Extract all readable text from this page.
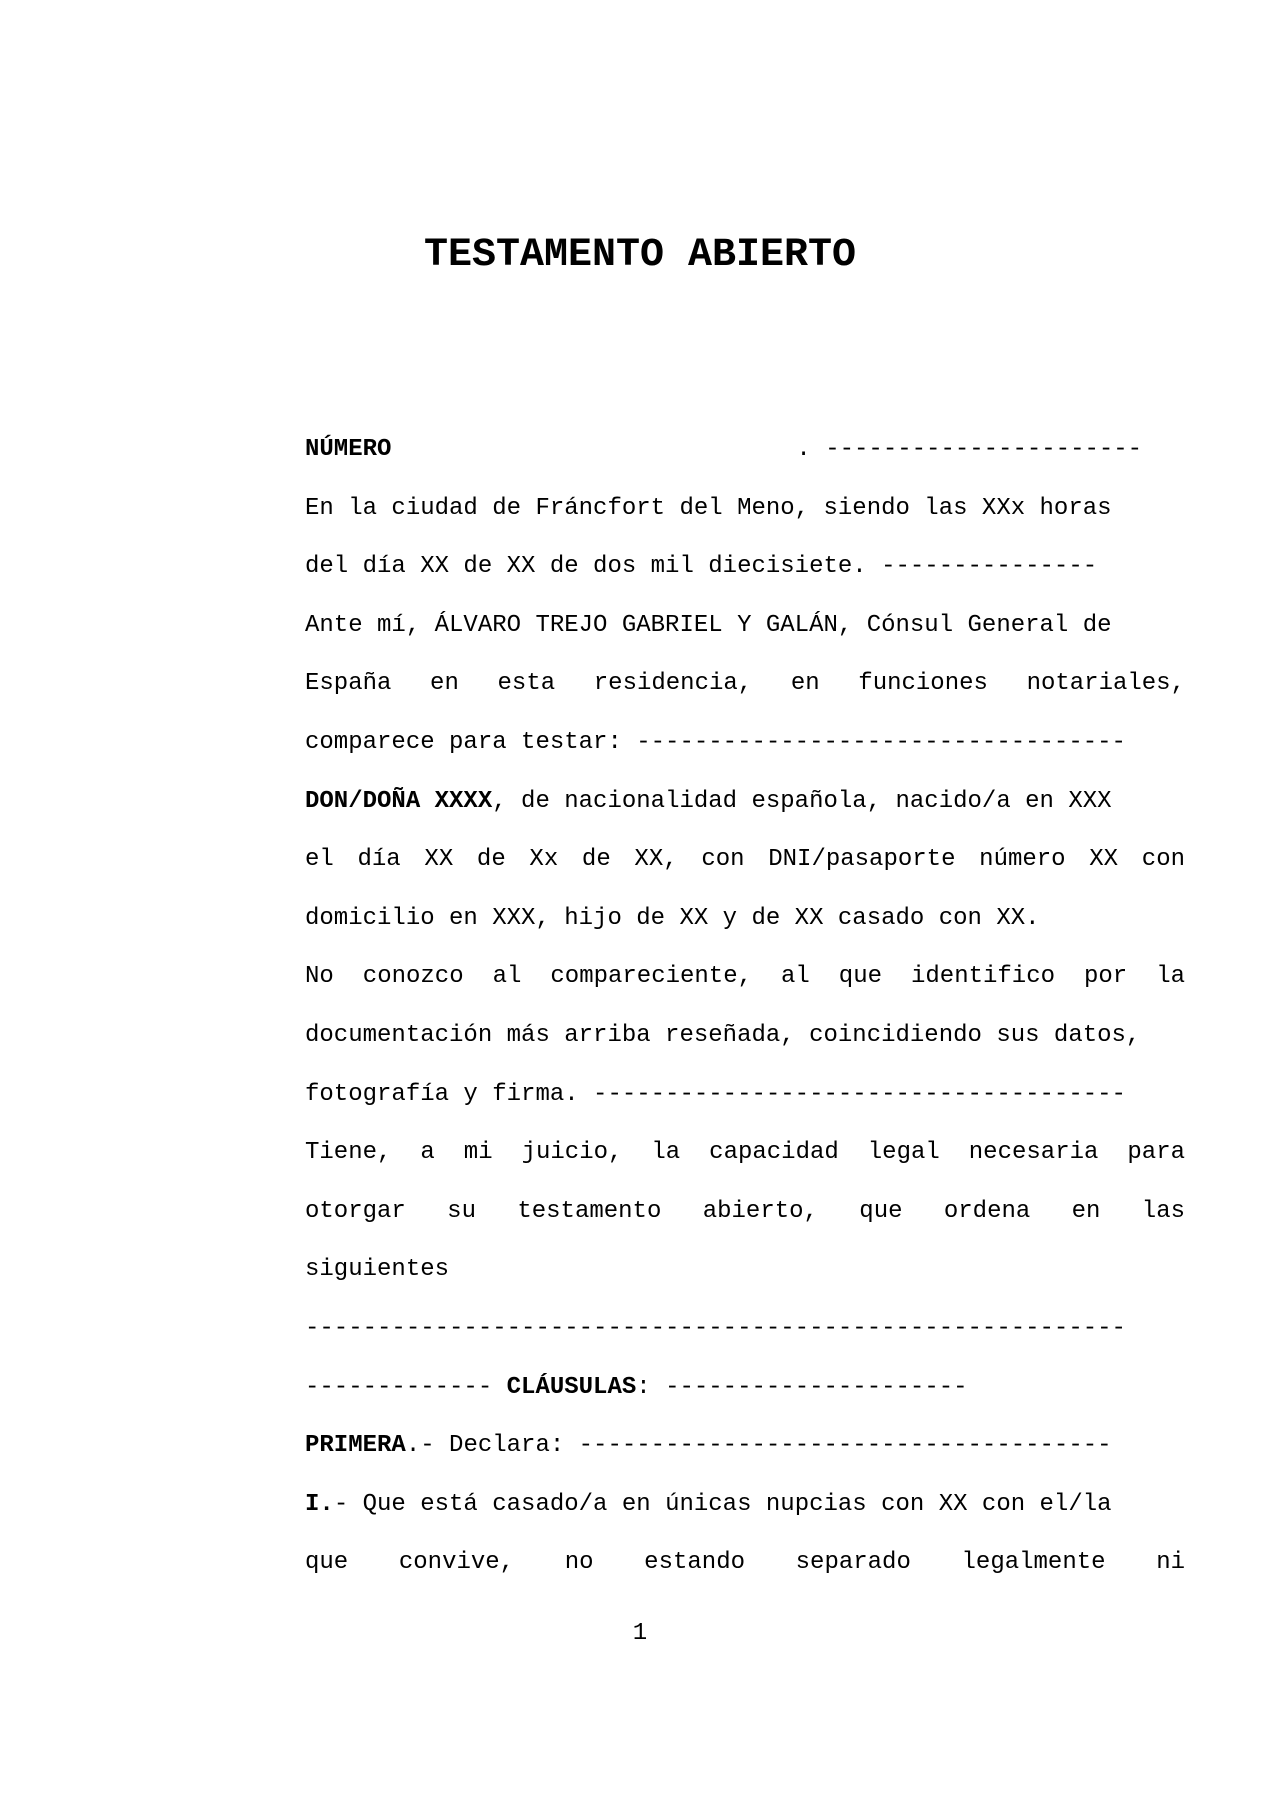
TESTAMENTO ABIERTO
NÚMERO	. ----------------------
En la ciudad de Fráncfort del Meno, siendo las XXx horas
del día XX de XX de dos mil diecisiete. ---------------
Ante mí, ÁLVARO TREJO GABRIEL Y GALÁN, Cónsul General de
España en esta residencia, en funciones notariales,
comparece para testar: ----------------------------------
DON/DOÑA XXXX, de nacionalidad española, nacido/a en XXX
el día XX de Xx de XX, con DNI/pasaporte número XX con
domicilio en XXX, hijo de XX y de XX casado con XX.
No conozco al compareciente, al que identifico por la
documentación más arriba reseñada, coincidiendo sus datos,
fotografía y firma. -------------------------------------
Tiene, a mi juicio, la capacidad legal necesaria para
otorgar su testamento abierto, que ordena en las
siguientes
---------------------------------------------------------
------------- CLÁUSULAS: ---------------------
PRIMERA.- Declara: -------------------------------------
I.- Que está casado/a en únicas nupcias con XX con el/la
que convive, no estando separado legalmente ni
1
